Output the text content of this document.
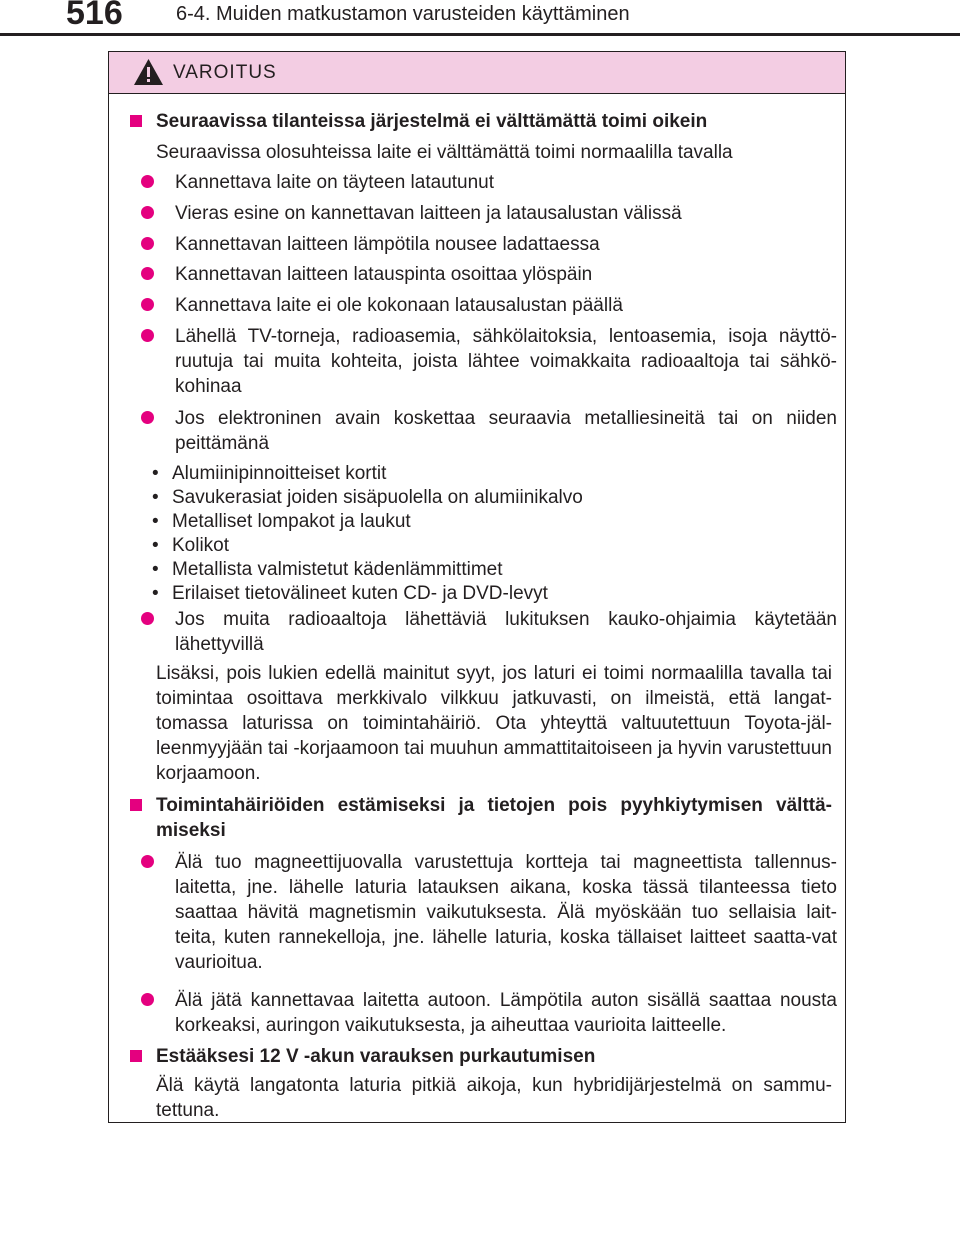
516	6-4. Muiden matkustamon varusteiden käyttäminen
VAROITUS
Seuraavissa tilanteissa järjestelmä ei välttämättä toimi oikein
Seuraavissa olosuhteissa laite ei välttämättä toimi normaalilla tavalla
Kannettava laite on täyteen latautunut
Vieras esine on kannettavan laitteen ja latausalustan välissä
Kannettavan laitteen lämpötila nousee ladattaessa
Kannettavan laitteen latauspinta osoittaa ylöspäin
Kannettava laite ei ole kokonaan latausalustan päällä
Lähellä TV-torneja, radioasemia, sähkölaitoksia, lentoasemia, isoja näyttö-ruutuja tai muita kohteita, joista lähtee voimakkaita radioaaltoja tai sähkö-kohinaa
Jos elektroninen avain koskettaa seuraavia metalliesineitä tai on niiden peittämänä
• Alumiinipinnoitteiset kortit
• Savukerasiat joiden sisäpuolella on alumiinikalvo
• Metalliset lompakot ja laukut
• Kolikot
• Metallista valmistetut kädenlämmittimet
• Erilaiset tietovälineet kuten CD- ja DVD-levyt
Jos muita radioaaltoja lähettäviä lukituksen kauko-ohjaimia käytetään lähettyvillä
Lisäksi, pois lukien edellä mainitut syyt, jos laturi ei toimi normaalilla tavalla tai toimintaa osoittava merkkivalo vilkkuu jatkuvasti, on ilmeistä, että langat-tomassa laturissa on toimintahäiriö. Ota yhteyttä valtuutettuun Toyota-jäl-leenmyyjään tai -korjaamoon tai muuhun ammattitaitoiseen ja hyvin varustettuun korjaamoon.
Toimintahäiriöiden estämiseksi ja tietojen pois pyyhkiytymisen välttä-miseksi
Älä tuo magneettijuovalla varustettuja kortteja tai magneettista tallennus-laitetta, jne. lähelle laturia latauksen aikana, koska tässä tilanteessa tieto saattaa hävitä magnetismin vaikutuksesta. Älä myöskään tuo sellaisia lait-teita, kuten rannekelloja, jne. lähelle laturia, koska tällaiset laitteet saatta-vat vaurioitua.
Älä jätä kannettavaa laitetta autoon. Lämpötila auton sisällä saattaa nousta korkeaksi, auringon vaikutuksesta, ja aiheuttaa vaurioita laitteelle.
Estääksesi 12 V -akun varauksen purkautumisen
Älä käytä langatonta laturia pitkiä aikoja, kun hybridijärjestelmä on sammu-tettuna.
